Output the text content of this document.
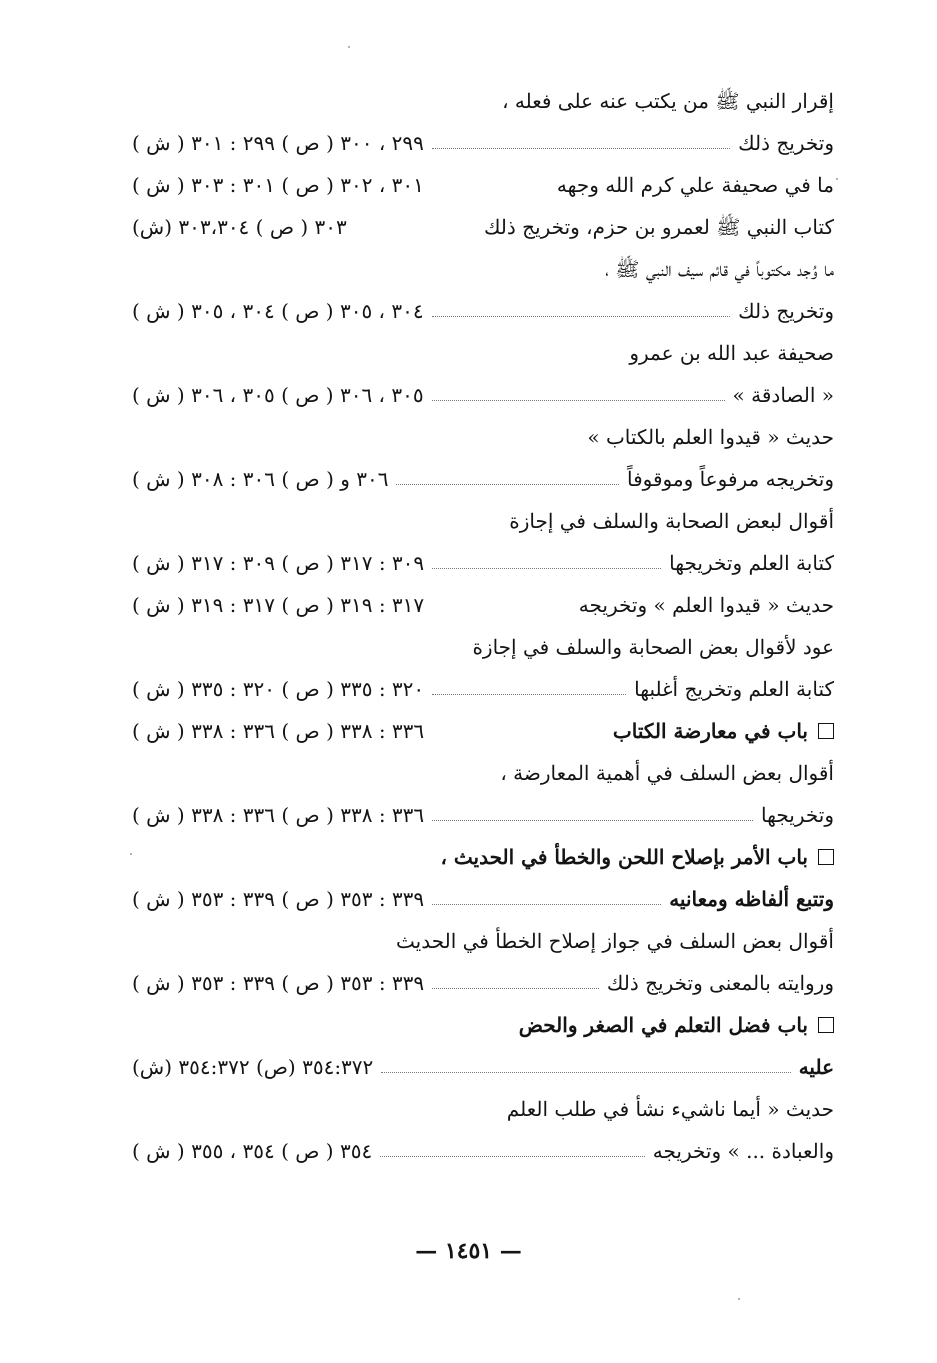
إقرار النبي ﷺ من يكتب عنه على فعله ،
وتخريج ذلك
٢٩٩ ، ٣٠٠ ( ص ) ٢٩٩ : ٣٠١ ( ش )
ما في صحيفة علي كرم الله وجهه
٣٠١ ، ٣٠٢ ( ص ) ٣٠١ : ٣٠٣ ( ش )
كتاب النبي ﷺ لعمرو بن حزم، وتخريج ذلك
٣٠٣ ( ص ) ٣٠٣،٣٠٤ (ش)
ما وُجد مكتوباً في قائم سيف النبي ﷺ ،
وتخريج ذلك
٣٠٤ ، ٣٠٥ ( ص ) ٣٠٤ ، ٣٠٥ ( ش )
صحيفة عبد الله بن عمرو
« الصادقة »
٣٠٥ ، ٣٠٦ ( ص ) ٣٠٥ ، ٣٠٦ ( ش )
حديث « قيدوا العلم بالكتاب »
وتخريجه مرفوعاً وموقوفاً
٣٠٦ و ( ص ) ٣٠٦ : ٣٠٨ ( ش )
أقوال لبعض الصحابة والسلف في إجازة
كتابة العلم وتخريجها
٣٠٩ : ٣١٧ ( ص ) ٣٠٩ : ٣١٧ ( ش )
حديث « قيدوا العلم » وتخريجه
٣١٧ : ٣١٩ ( ص ) ٣١٧ : ٣١٩ ( ش )
عود لأقوال بعض الصحابة والسلف في إجازة
كتابة العلم وتخريج أغلبها
٣٢٠ : ٣٣٥ ( ص ) ٣٢٠ : ٣٣٥ ( ش )
باب في معارضة الكتاب
٣٣٦ : ٣٣٨ ( ص ) ٣٣٦ : ٣٣٨ ( ش )
أقوال بعض السلف في أهمية المعارضة ،
وتخريجها
٣٣٦ : ٣٣٨ ( ص ) ٣٣٦ : ٣٣٨ ( ش )
باب الأمر بإصلاح اللحن والخطأ في الحديث ،
وتتبع ألفاظه ومعانيه
٣٣٩ : ٣٥٣ ( ص ) ٣٣٩ : ٣٥٣ ( ش )
أقوال بعض السلف في جواز إصلاح الخطأ في الحديث
وروايته بالمعنى وتخريج ذلك
٣٣٩ : ٣٥٣ ( ص ) ٣٣٩ : ٣٥٣ ( ش )
باب فضل التعلم في الصغر والحض
عليه
٣٥٤:٣٧٢ (ص) ٣٥٤:٣٧٢ (ش)
حديث « أيما ناشيء نشأ في طلب العلم
والعبادة ... » وتخريجه
٣٥٤ ( ص ) ٣٥٤ ، ٣٥٥ ( ش )
— ١٤٥١ —
